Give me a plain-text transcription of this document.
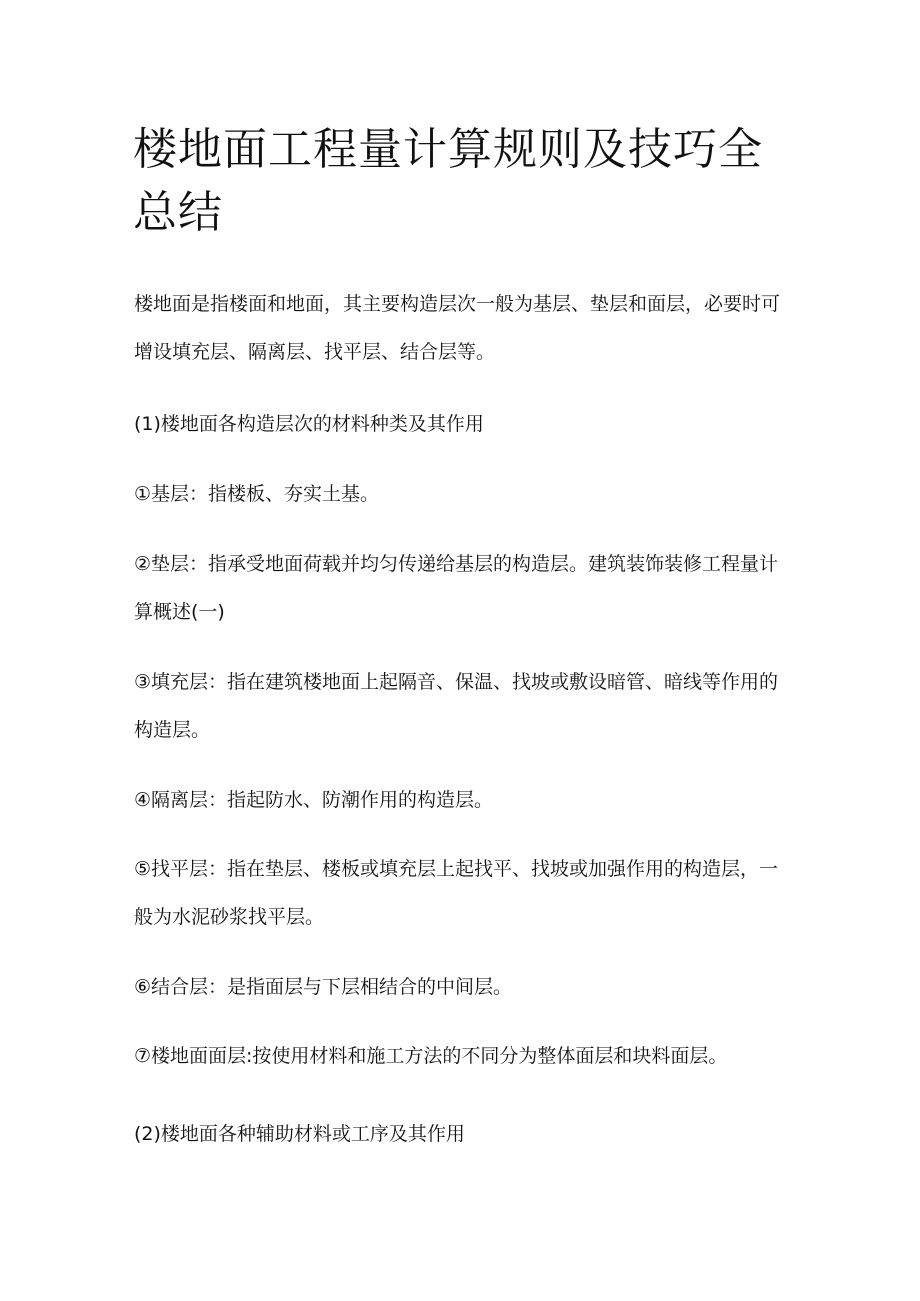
楼地面工程量计算规则及技巧全总结

楼地面是指楼面和地面，其主要构造层次一般为基层、垫层和面层，必要时可增设填充层、隔离层、找平层、结合层等。

(1)楼地面各构造层次的材料种类及其作用

①基层：指楼板、夯实土基。

②垫层：指承受地面荷载并均匀传递给基层的构造层。建筑装饰装修工程量计算概述(一)

③填充层：指在建筑楼地面上起隔音、保温、找坡或敷设暗管、暗线等作用的构造层。

④隔离层：指起防水、防潮作用的构造层。

⑤找平层：指在垫层、楼板或填充层上起找平、找坡或加强作用的构造层，一般为水泥砂浆找平层。

⑥结合层：是指面层与下层相结合的中间层。

⑦楼地面面层:按使用材料和施工方法的不同分为整体面层和块料面层。

(2)楼地面各种辅助材料或工序及其作用
